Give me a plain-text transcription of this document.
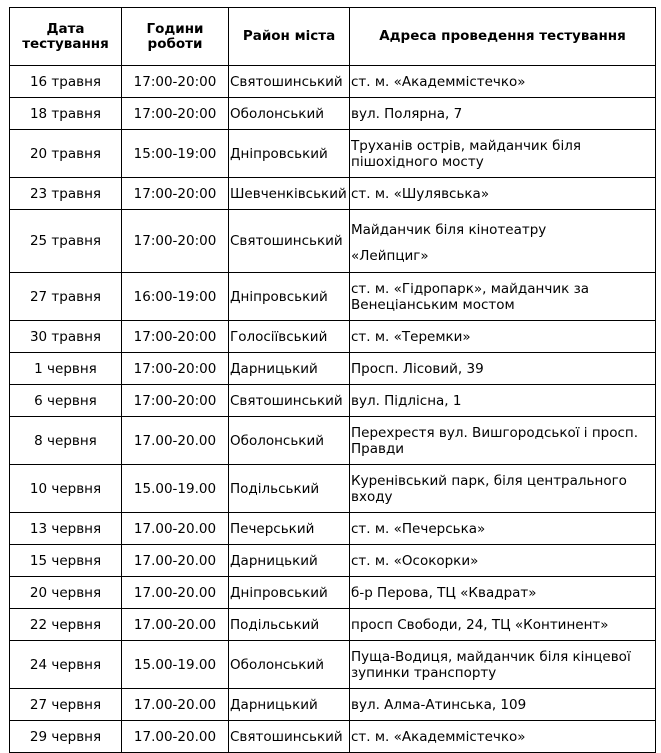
Дата тестування	Години роботи	Район міста	Адреса проведення тестування
16 травня	17:00-20:00	Святошинський	ст. м. «Академмістечко»
18 травня	17:00-20:00	Оболонський	вул. Полярна, 7
20 травня	15:00-19:00	Дніпровський	Труханів острів, майданчик біля пішохідного мосту
23 травня	17:00-20:00	Шевченківський	ст. м. «Шулявська»
25 травня	17:00-20:00	Святошинський	Майданчик біля кінотеатру
«Лейпциг»

27 травня	16:00-19:00	Дніпровський	ст. м. «Гідропарк», майданчик за Венеціанським мостом
30 травня	17:00-20:00	Голосіївський	ст. м. «Теремки»
1 червня	17:00-20:00	Дарницький	Просп. Лісовий, 39
6 червня	17:00-20:00	Святошинський	вул. Підлісна, 1
8 червня	17.00-20.00	Оболонський	Перехрестя вул. Вишгородської і просп. Правди
10 червня	15.00-19.00	Подільський	Куренівський парк, біля центрального входу
13 червня	17.00-20.00	Печерський	ст. м. «Печерська»
15 червня	17.00-20.00	Дарницький	ст. м. «Осокорки»
20 червня	17.00-20.00	Дніпровський	б-р Перова, ТЦ «Квадрат»
22 червня	17.00-20.00	Подільський	просп Свободи, 24, ТЦ «Континент»
24 червня	15.00-19.00	Оболонський	Пуща-Водиця, майданчик біля кінцевої зупинки транспорту
27 червня	17.00-20.00	Дарницький	вул. Алма-Атинська, 109
29 червня	17.00-20.00	Святошинський	ст. м. «Академмістечко»
